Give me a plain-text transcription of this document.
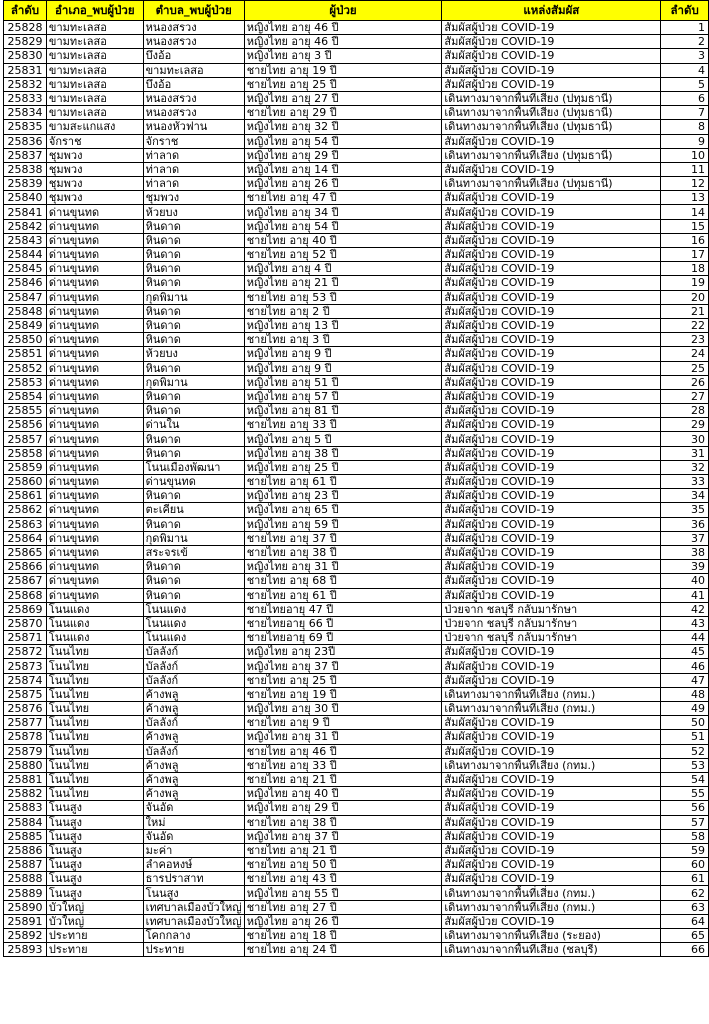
ลำดับ	อำเภอ_พบผู้ป่วย	ตำบล_พบผู้ป่วย	ผู้ป่วย	แหล่งสัมผัส	ลำดับ
25828	ขามทะเลสอ	หนองสรวง	หญิงไทย อายุ 46 ปี	สัมผัสผู้ป่วย COVID-19	1
25829	ขามทะเลสอ	หนองสรวง	หญิงไทย อายุ 46 ปี	สัมผัสผู้ป่วย COVID-19	2
25830	ขามทะเลสอ	บึงอ้อ	หญิงไทย อายุ 3 ปี	สัมผัสผู้ป่วย COVID-19	3
25831	ขามทะเลสอ	ขามทะเลสอ	ชายไทย อายุ 19 ปี	สัมผัสผู้ป่วย COVID-19	4
25832	ขามทะเลสอ	บึงอ้อ	ชายไทย อายุ 25 ปี	สัมผัสผู้ป่วย COVID-19	5
25833	ขามทะเลสอ	หนองสรวง	หญิงไทย อายุ 27 ปี	เดินทางมาจากพื้นที่เสี่ยง (ปทุมธานี)	6
25834	ขามทะเลสอ	หนองสรวง	ชายไทย อายุ 29 ปี	เดินทางมาจากพื้นที่เสี่ยง (ปทุมธานี)	7
25835	ขามสะแกแสง	หนองหัวฟาน	หญิงไทย อายุ 32 ปี	เดินทางมาจากพื้นที่เสี่ยง (ปทุมธานี)	8
25836	จักราช	จักราช	หญิงไทย อายุ 54 ปี	สัมผัสผู้ป่วย COVID-19	9
25837	ชุมพวง	ท่าลาด	หญิงไทย อายุ 29 ปี	เดินทางมาจากพื้นที่เสี่ยง (ปทุมธานี)	10
25838	ชุมพวง	ท่าลาด	หญิงไทย อายุ 14 ปี	สัมผัสผู้ป่วย COVID-19	11
25839	ชุมพวง	ท่าลาด	หญิงไทย อายุ 26 ปี	เดินทางมาจากพื้นที่เสี่ยง (ปทุมธานี)	12
25840	ชุมพวง	ชุมพวง	ชายไทย อายุ 47 ปี	สัมผัสผู้ป่วย COVID-19	13
25841	ด่านขุนทด	ห้วยบง	หญิงไทย อายุ 34 ปี	สัมผัสผู้ป่วย COVID-19	14
25842	ด่านขุนทด	หินดาด	หญิงไทย อายุ 54 ปี	สัมผัสผู้ป่วย COVID-19	15
25843	ด่านขุนทด	หินดาด	ชายไทย อายุ 40 ปี	สัมผัสผู้ป่วย COVID-19	16
25844	ด่านขุนทด	หินดาด	ชายไทย อายุ 52 ปี	สัมผัสผู้ป่วย COVID-19	17
25845	ด่านขุนทด	หินดาด	หญิงไทย อายุ 4 ปี	สัมผัสผู้ป่วย COVID-19	18
25846	ด่านขุนทด	หินดาด	หญิงไทย อายุ 21 ปี	สัมผัสผู้ป่วย COVID-19	19
25847	ด่านขุนทด	กุดพิมาน	ชายไทย อายุ 53 ปี	สัมผัสผู้ป่วย COVID-19	20
25848	ด่านขุนทด	หินดาด	ชายไทย อายุ 2 ปี	สัมผัสผู้ป่วย COVID-19	21
25849	ด่านขุนทด	หินดาด	หญิงไทย อายุ 13 ปี	สัมผัสผู้ป่วย COVID-19	22
25850	ด่านขุนทด	หินดาด	ชายไทย อายุ 3 ปี	สัมผัสผู้ป่วย COVID-19	23
25851	ด่านขุนทด	ห้วยบง	หญิงไทย อายุ 9 ปี	สัมผัสผู้ป่วย COVID-19	24
25852	ด่านขุนทด	หินดาด	หญิงไทย อายุ 9 ปี	สัมผัสผู้ป่วย COVID-19	25
25853	ด่านขุนทด	กุดพิมาน	หญิงไทย อายุ 51 ปี	สัมผัสผู้ป่วย COVID-19	26
25854	ด่านขุนทด	หินดาด	หญิงไทย อายุ 57 ปี	สัมผัสผู้ป่วย COVID-19	27
25855	ด่านขุนทด	หินดาด	หญิงไทย อายุ 81 ปี	สัมผัสผู้ป่วย COVID-19	28
25856	ด่านขุนทด	ด่านใน	ชายไทย อายุ 33 ปี	สัมผัสผู้ป่วย COVID-19	29
25857	ด่านขุนทด	หินดาด	หญิงไทย อายุ 5 ปี	สัมผัสผู้ป่วย COVID-19	30
25858	ด่านขุนทด	หินดาด	หญิงไทย อายุ 38 ปี	สัมผัสผู้ป่วย COVID-19	31
25859	ด่านขุนทด	โนนเมืองพัฒนา	หญิงไทย อายุ 25 ปี	สัมผัสผู้ป่วย COVID-19	32
25860	ด่านขุนทด	ด่านขุนทด	ชายไทย อายุ 61 ปี	สัมผัสผู้ป่วย COVID-19	33
25861	ด่านขุนทด	หินดาด	หญิงไทย อายุ 23 ปี	สัมผัสผู้ป่วย COVID-19	34
25862	ด่านขุนทด	ตะเคียน	หญิงไทย อายุ 65 ปี	สัมผัสผู้ป่วย COVID-19	35
25863	ด่านขุนทด	หินดาด	หญิงไทย อายุ 59 ปี	สัมผัสผู้ป่วย COVID-19	36
25864	ด่านขุนทด	กุดพิมาน	ชายไทย อายุ 37 ปี	สัมผัสผู้ป่วย COVID-19	37
25865	ด่านขุนทด	สระจรเข้	ชายไทย อายุ 38 ปี	สัมผัสผู้ป่วย COVID-19	38
25866	ด่านขุนทด	หินดาด	หญิงไทย อายุ 31 ปี	สัมผัสผู้ป่วย COVID-19	39
25867	ด่านขุนทด	หินดาด	ชายไทย อายุ 68 ปี	สัมผัสผู้ป่วย COVID-19	40
25868	ด่านขุนทด	หินดาด	ชายไทย อายุ 61 ปี	สัมผัสผู้ป่วย COVID-19	41
25869	โนนแดง	โนนแดง	ชายไทยอายุ 47 ปี	ป่วยจาก ชลบุรี กลับมารักษา	42
25870	โนนแดง	โนนแดง	ชายไทยอายุ 66 ปี	ป่วยจาก ชลบุรี กลับมารักษา	43
25871	โนนแดง	โนนแดง	ชายไทยอายุ 69 ปี	ป่วยจาก ชลบุรี กลับมารักษา	44
25872	โนนไทย	บัลลังก์	หญิงไทย อายุ 23ปี	สัมผัสผู้ป่วย COVID-19	45
25873	โนนไทย	บัลลังก์	หญิงไทย อายุ 37 ปี	สัมผัสผู้ป่วย COVID-19	46
25874	โนนไทย	บัลลังก์	ชายไทย อายุ 25 ปี	สัมผัสผู้ป่วย COVID-19	47
25875	โนนไทย	ค้างพลู	ชายไทย อายุ 19 ปี	เดินทางมาจากพื้นที่เสี่ยง (กทม.)	48
25876	โนนไทย	ค้างพลู	หญิงไทย อายุ 30 ปี	เดินทางมาจากพื้นที่เสี่ยง (กทม.)	49
25877	โนนไทย	บัลลังก์	ชายไทย อายุ 9 ปี	สัมผัสผู้ป่วย COVID-19	50
25878	โนนไทย	ค้างพลู	หญิงไทย อายุ 31 ปี	สัมผัสผู้ป่วย COVID-19	51
25879	โนนไทย	บัลลังก์	ชายไทย อายุ 46 ปี	สัมผัสผู้ป่วย COVID-19	52
25880	โนนไทย	ค้างพลู	ชายไทย อายุ 33 ปี	เดินทางมาจากพื้นที่เสี่ยง (กทม.)	53
25881	โนนไทย	ค้างพลู	ชายไทย อายุ 21 ปี	สัมผัสผู้ป่วย COVID-19	54
25882	โนนไทย	ค้างพลู	หญิงไทย อายุ 40 ปี	สัมผัสผู้ป่วย COVID-19	55
25883	โนนสูง	จันอัด	หญิงไทย อายุ 29 ปี	สัมผัสผู้ป่วย COVID-19	56
25884	โนนสูง	ใหม่	ชายไทย อายุ 38 ปี	สัมผัสผู้ป่วย COVID-19	57
25885	โนนสูง	จันอัด	หญิงไทย อายุ 37 ปี	สัมผัสผู้ป่วย COVID-19	58
25886	โนนสูง	มะค่า	ชายไทย อายุ 21 ปี	สัมผัสผู้ป่วย COVID-19	59
25887	โนนสูง	ลำคอหงษ์	ชายไทย อายุ 50 ปี	สัมผัสผู้ป่วย COVID-19	60
25888	โนนสูง	ธารปราสาท	ชายไทย อายุ 43 ปี	สัมผัสผู้ป่วย COVID-19	61
25889	โนนสูง	โนนสูง	หญิงไทย อายุ 55 ปี	เดินทางมาจากพื้นที่เสี่ยง (กทม.)	62
25890	บัวใหญ่	เทศบาลเมืองบัวใหญ่	ชายไทย อายุ 27 ปี	เดินทางมาจากพื้นที่เสี่ยง (กทม.)	63
25891	บัวใหญ่	เทศบาลเมืองบัวใหญ่	หญิงไทย อายุ 26 ปี	สัมผัสผู้ป่วย COVID-19	64
25892	ประทาย	โคกกลาง	ชายไทย อายุ 18 ปี	เดินทางมาจากพื้นที่เสี่ยง (ระยอง)	65
25893	ประทาย	ประทาย	ชายไทย อายุ 24 ปี	เดินทางมาจากพื้นที่เสี่ยง (ชลบุรี)	66
